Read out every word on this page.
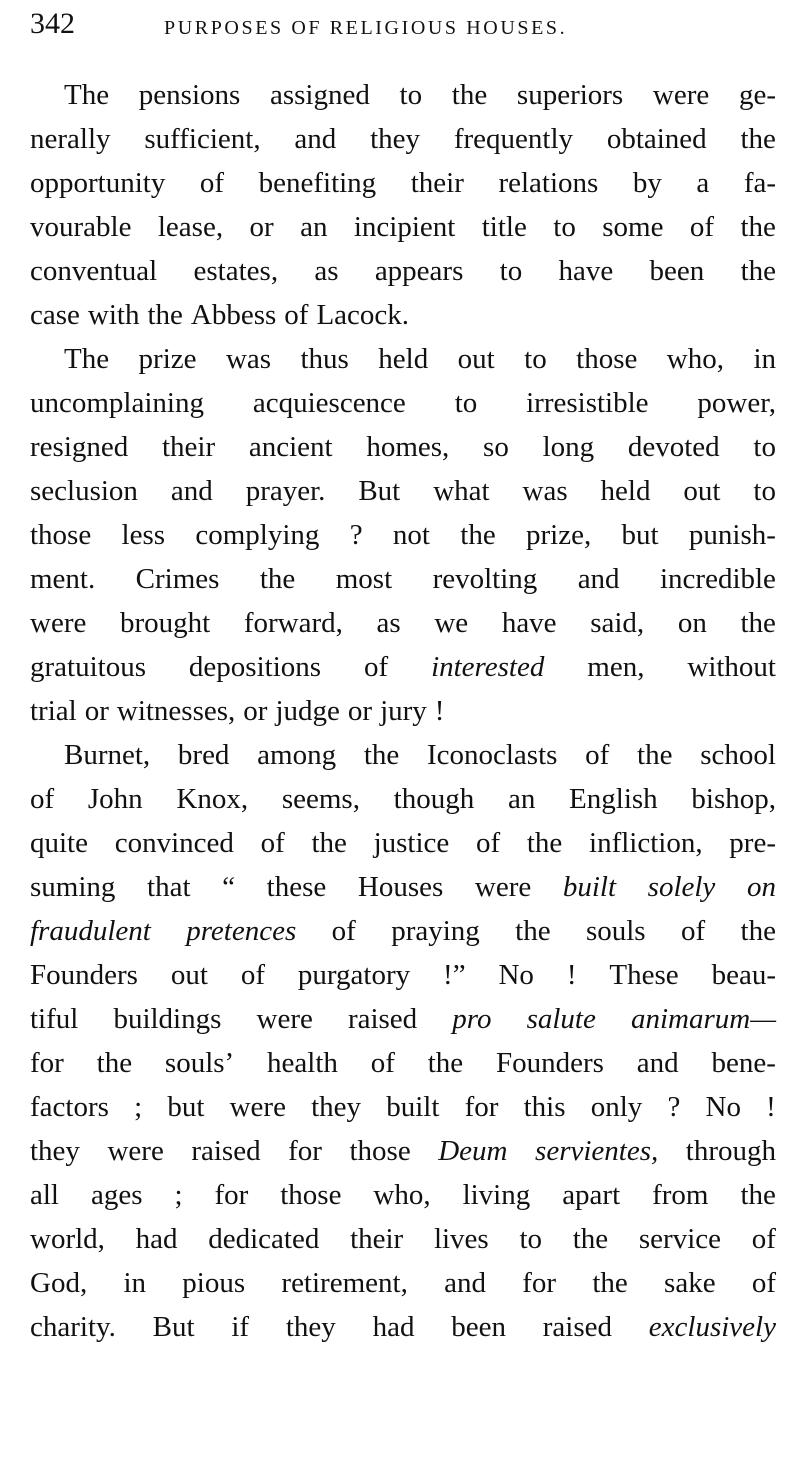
342	PURPOSES OF RELIGIOUS HOUSES.
The pensions assigned to the superiors were ge-
nerally sufficient, and they frequently obtained the
opportunity of benefiting their relations by a fa-
vourable lease, or an incipient title to some of the
conventual estates, as appears to have been the
case with the Abbess of Lacock.
The prize was thus held out to those who, in
uncomplaining acquiescence to irresistible power,
resigned their ancient homes, so long devoted to
seclusion and prayer. But what was held out to
those less complying ? not the prize, but punish-
ment. Crimes the most revolting and incredible
were brought forward, as we have said, on the
gratuitous depositions of interested men, without
trial or witnesses, or judge or jury !
Burnet, bred among the Iconoclasts of the school
of John Knox, seems, though an English bishop,
quite convinced of the justice of the infliction, pre-
suming that “ these Houses were built solely on
fraudulent pretences of praying the souls of the
Founders out of purgatory !” No ! These beau-
tiful buildings were raised pro salute animarum—
for the souls’ health of the Founders and bene-
factors ; but were they built for this only ? No !
they were raised for those Deum servientes, through
all ages ; for those who, living apart from the
world, had dedicated their lives to the service of
God, in pious retirement, and for the sake of
charity. But if they had been raised exclusively
